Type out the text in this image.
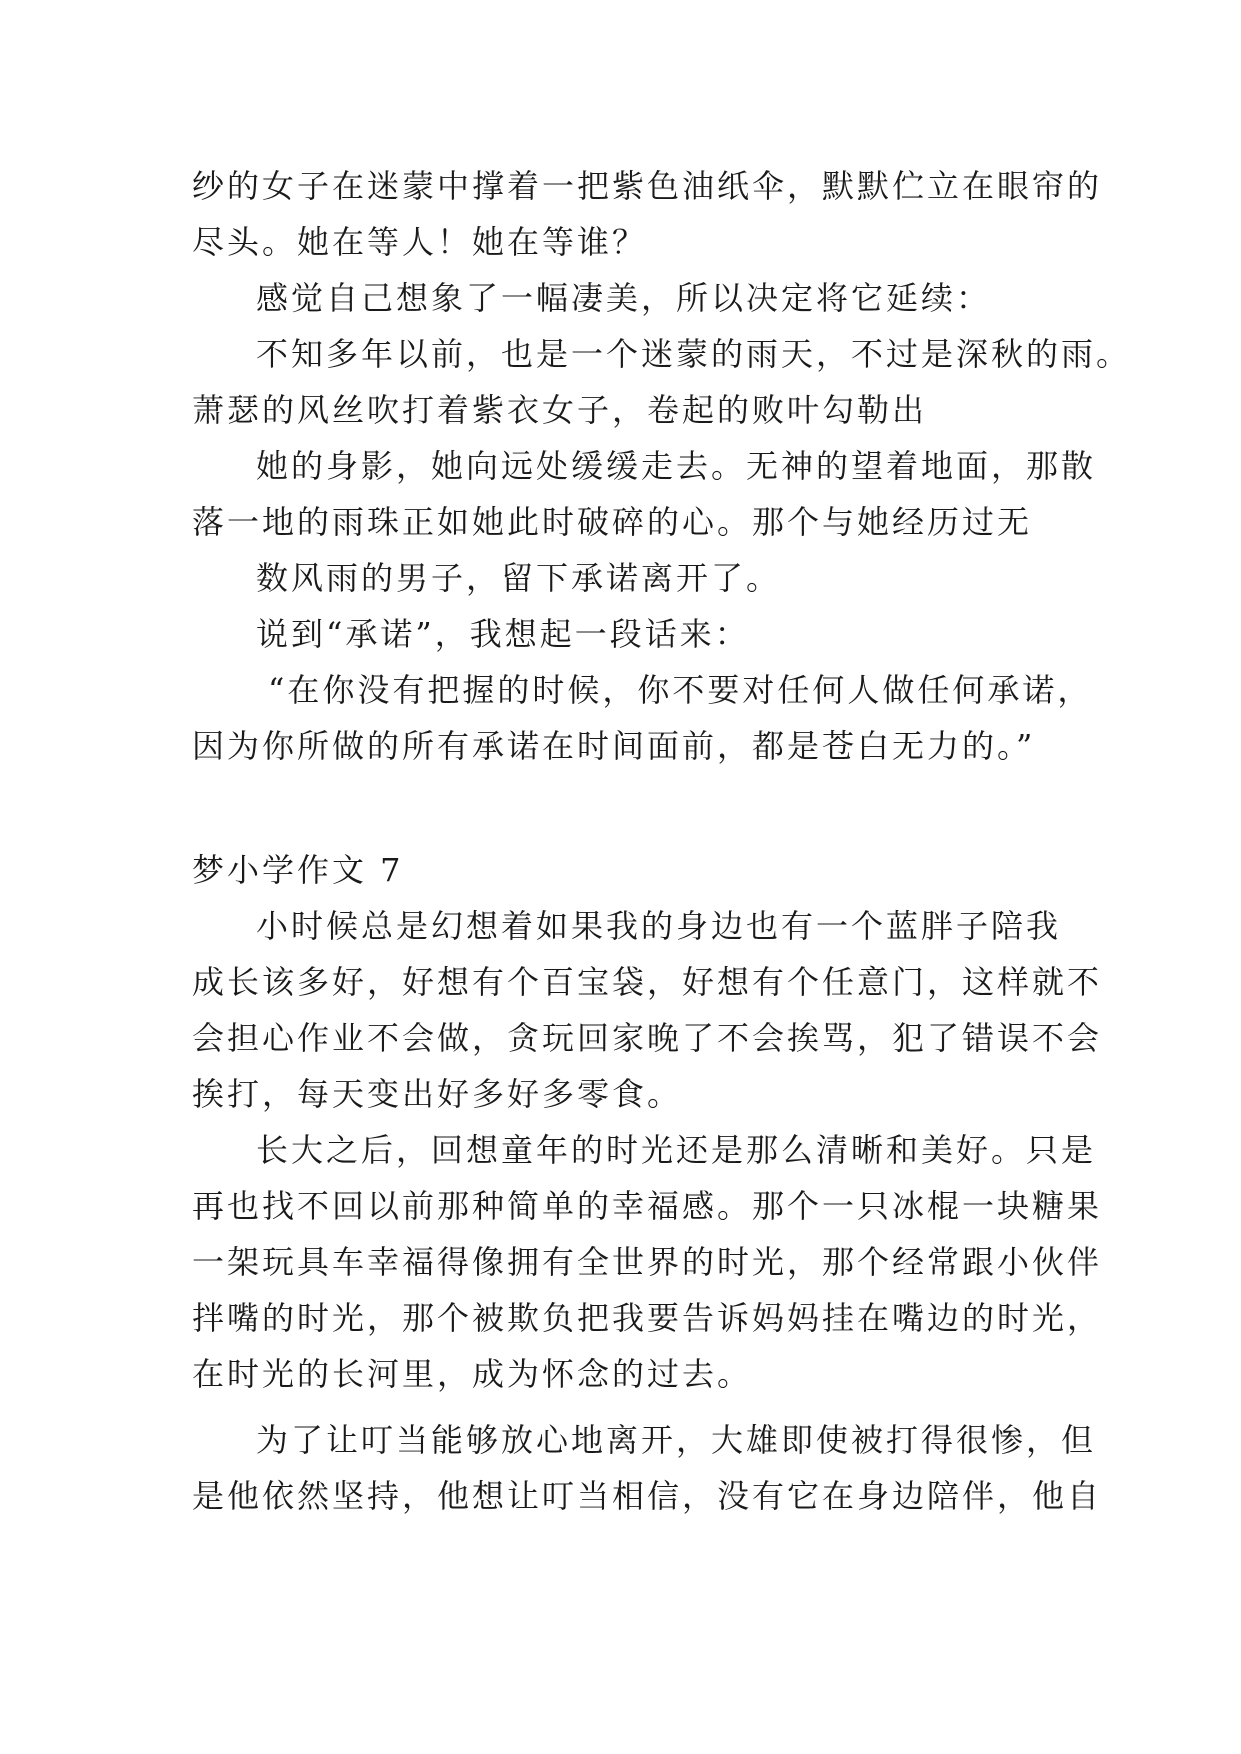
纱的女子在迷蒙中撑着一把紫色油纸伞，默默伫立在眼帘的
尽头。她在等人！她在等谁？
感觉自己想象了一幅凄美，所以决定将它延续：
不知多年以前，也是一个迷蒙的雨天，不过是深秋的雨。
萧瑟的风丝吹打着紫衣女子，卷起的败叶勾勒出
她的身影，她向远处缓缓走去。无神的望着地面，那散
落一地的雨珠正如她此时破碎的心。那个与她经历过无
数风雨的男子，留下承诺离开了。
说到“承诺”，我想起一段话来：
“在你没有把握的时候，你不要对任何人做任何承诺，
因为你所做的所有承诺在时间面前，都是苍白无力的。”
梦小学作文 7
小时候总是幻想着如果我的身边也有一个蓝胖子陪我
成长该多好，好想有个百宝袋，好想有个任意门，这样就不
会担心作业不会做，贪玩回家晚了不会挨骂，犯了错误不会
挨打，每天变出好多好多零食。
长大之后，回想童年的时光还是那么清晰和美好。只是
再也找不回以前那种简单的幸福感。那个一只冰棍一块糖果
一架玩具车幸福得像拥有全世界的时光，那个经常跟小伙伴
拌嘴的时光，那个被欺负把我要告诉妈妈挂在嘴边的时光，
在时光的长河里，成为怀念的过去。
为了让叮当能够放心地离开，大雄即使被打得很惨，但
是他依然坚持，他想让叮当相信，没有它在身边陪伴，他自
